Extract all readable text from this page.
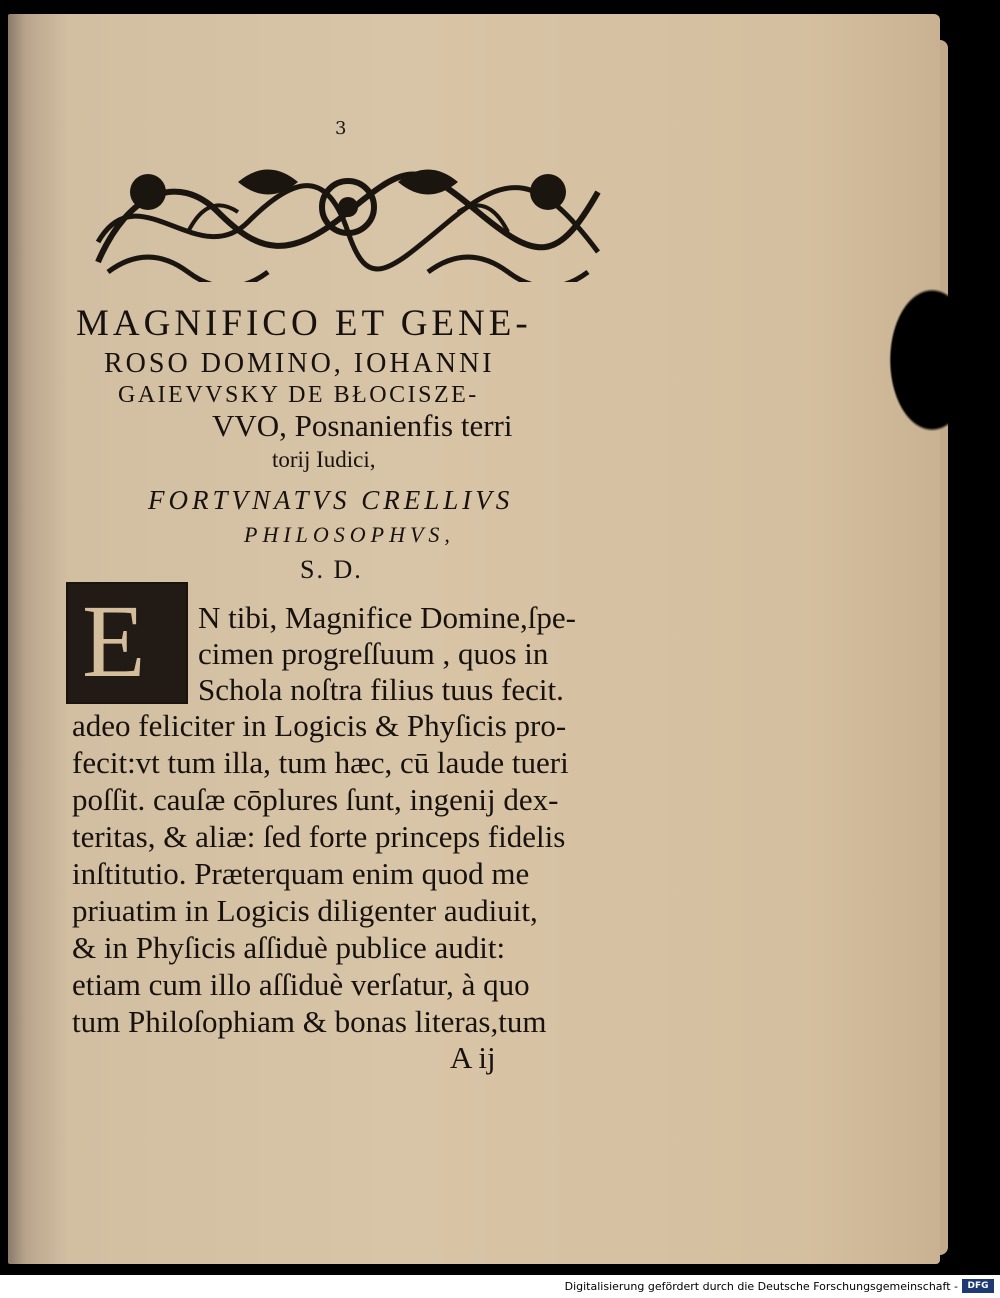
3
MAGNIFICO ET GENE-
ROSO DOMINO, IOHANNI
GAIEVVSKY DE BŁOCISZE-
VVO, Posnanienfis terri
torij Iudici,
FORTVNATVS CRELLIVS
PHILOSOPHVS,
S. D.
E N tibi, Magnifice Domine,ſpe-
cimen progreſſuum , quos in
Schola noſtra filius tuus fecit.
adeo feliciter in Logicis & Phyſicis pro-
fecit:vt tum illa, tum hæc, cū laude tueri
poſſit. cauſæ cōplures ſunt, ingenij dex-
teritas, & aliæ: ſed forte princeps fidelis
inſtitutio. Præterquam enim quod me
priuatim in Logicis diligenter audiuit,
& in Phyſicis aſſiduè publice audit:
etiam cum illo aſſiduè verſatur, à quo
tum Philoſophiam & bonas literas,tum
A ij
Digitalisierung gefördert durch die Deutsche Forschungsgemeinschaft -	DFG
